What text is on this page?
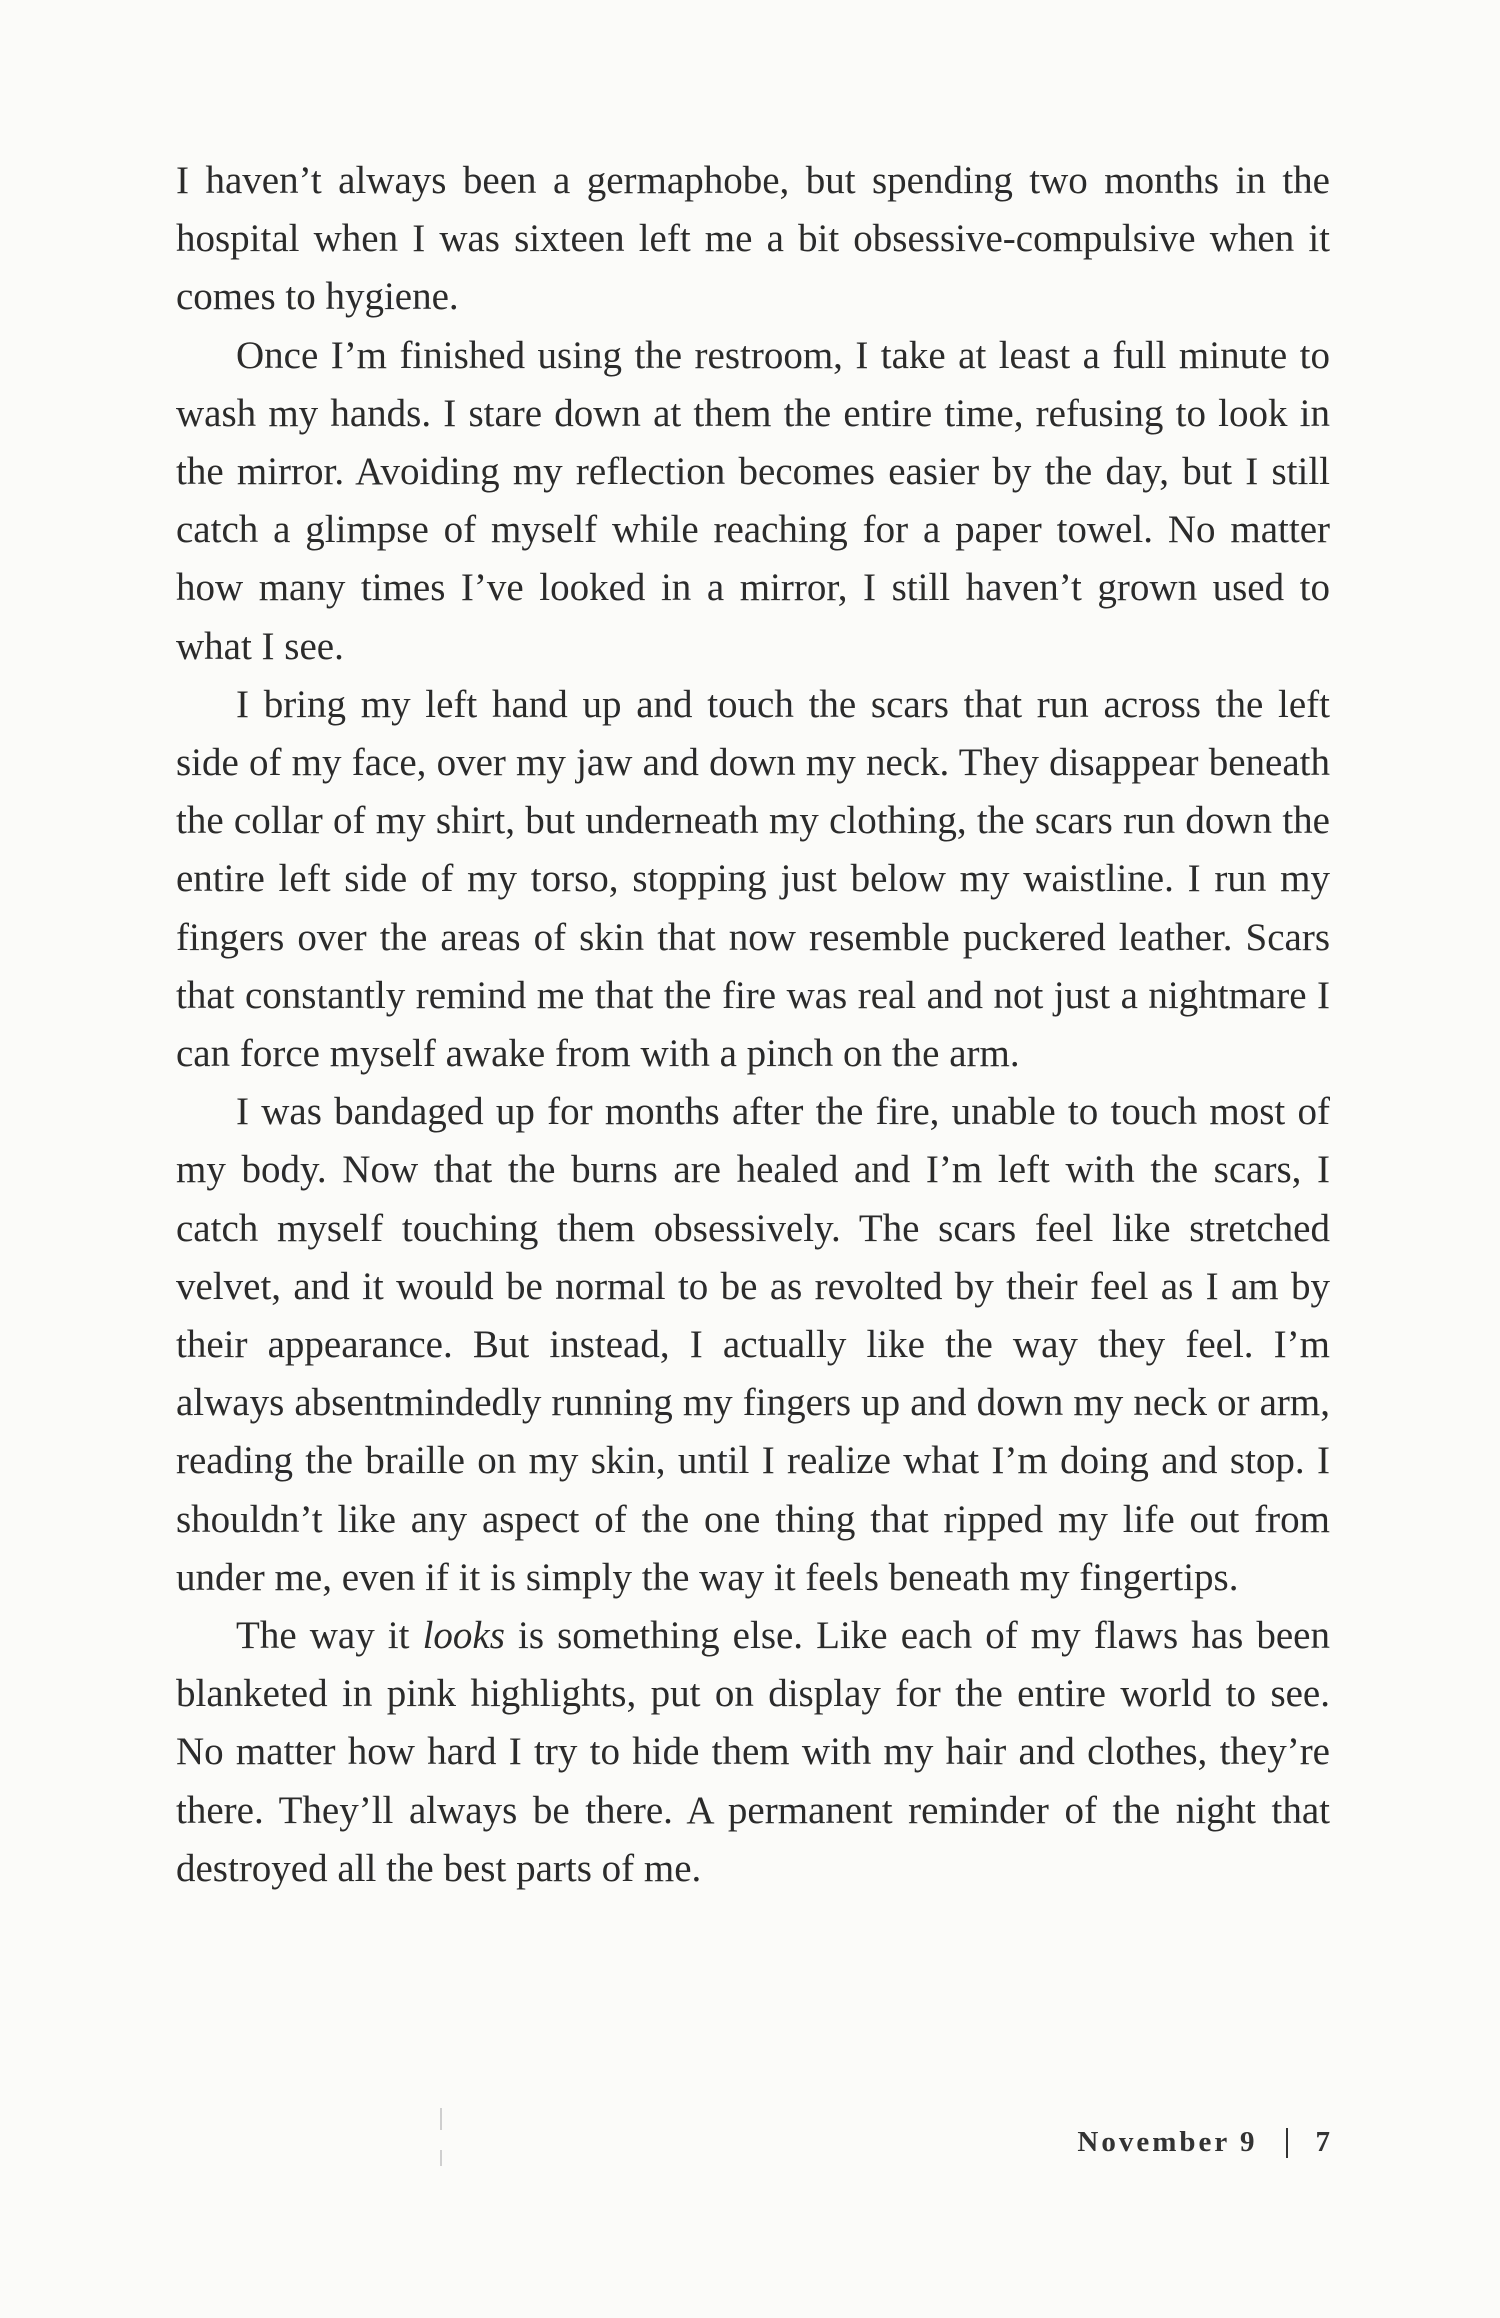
I haven’t always been a germaphobe, but spending two months in the hospital when I was sixteen left me a bit obsessive-compulsive when it comes to hygiene.

Once I’m finished using the restroom, I take at least a full minute to wash my hands. I stare down at them the entire time, refusing to look in the mirror. Avoiding my reflection becomes easier by the day, but I still catch a glimpse of myself while reaching for a paper towel. No matter how many times I’ve looked in a mirror, I still haven’t grown used to what I see.

I bring my left hand up and touch the scars that run across the left side of my face, over my jaw and down my neck. They disappear beneath the collar of my shirt, but underneath my clothing, the scars run down the entire left side of my torso, stopping just below my waistline. I run my fingers over the areas of skin that now resemble puckered leather. Scars that constantly remind me that the fire was real and not just a nightmare I can force myself awake from with a pinch on the arm.

I was bandaged up for months after the fire, unable to touch most of my body. Now that the burns are healed and I’m left with the scars, I catch myself touching them obsessively. The scars feel like stretched velvet, and it would be normal to be as revolted by their feel as I am by their appearance. But instead, I actually like the way they feel. I’m always absentmindedly running my fingers up and down my neck or arm, reading the braille on my skin, until I realize what I’m doing and stop. I shouldn’t like any aspect of the one thing that ripped my life out from under me, even if it is simply the way it feels beneath my fingertips.

The way it looks is something else. Like each of my flaws has been blanketed in pink highlights, put on display for the entire world to see. No matter how hard I try to hide them with my hair and clothes, they’re there. They’ll always be there. A permanent reminder of the night that destroyed all the best parts of me.

November 9 7
